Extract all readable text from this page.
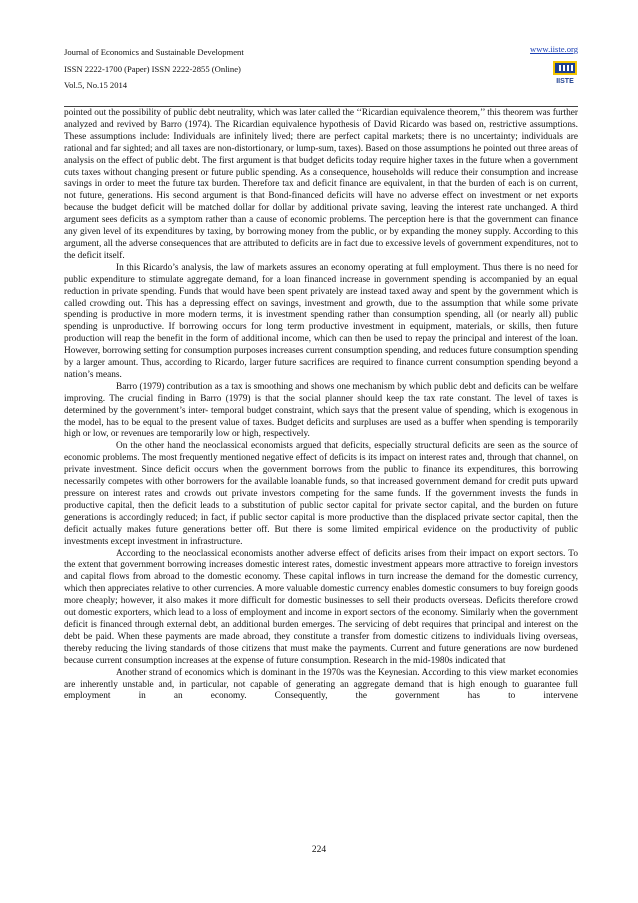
Journal of Economics and Sustainable Development
ISSN 2222-1700 (Paper) ISSN 2222-2855 (Online)
Vol.5, No.15 2014
www.iiste.org
IISTE

pointed out the possibility of public debt neutrality, which was later called the ‘‘Ricardian equivalence theorem,’’ this theorem was further analyzed and revived by Barro (1974). The Ricardian equivalence hypothesis of David Ricardo was based on, restrictive assumptions. These assumptions include: Individuals are infinitely lived; there are perfect capital markets; there is no uncertainty; individuals are rational and far sighted; and all taxes are non-distortionary, or lump-sum, taxes). Based on those assumptions he pointed out three areas of analysis on the effect of public debt. The first argument is that budget deficits today require higher taxes in the future when a government cuts taxes without changing present or future public spending. As a consequence, households will reduce their consumption and increase savings in order to meet the future tax burden. Therefore tax and deficit finance are equivalent, in that the burden of each is on current, not future, generations. His second argument is that Bond-financed deficits will have no adverse effect on investment or net exports because the budget deficit will be matched dollar for dollar by additional private saving, leaving the interest rate unchanged. A third argument sees deficits as a symptom rather than a cause of economic problems. The perception here is that the government can finance any given level of its expenditures by taxing, by borrowing money from the public, or by expanding the money supply. According to this argument, all the adverse consequences that are attributed to deficits are in fact due to excessive levels of government expenditures, not to the deficit itself.

In this Ricardo’s analysis, the law of markets assures an economy operating at full employment. Thus there is no need for public expenditure to stimulate aggregate demand, for a loan financed increase in government spending is accompanied by an equal reduction in private spending. Funds that would have been spent privately are instead taxed away and spent by the government which is called crowding out. This has a depressing effect on savings, investment and growth, due to the assumption that while some private spending is productive in more modern terms, it is investment spending rather than consumption spending, all (or nearly all) public spending is unproductive. If borrowing occurs for long term productive investment in equipment, materials, or skills, then future production will reap the benefit in the form of additional income, which can then be used to repay the principal and interest of the loan. However, borrowing setting for consumption purposes increases current consumption spending, and reduces future consumption spending by a larger amount. Thus, according to Ricardo, larger future sacrifices are required to finance current consumption spending beyond a nation’s means.

Barro (1979) contribution as a tax is smoothing and shows one mechanism by which public debt and deficits can be welfare improving. The crucial finding in Barro (1979) is that the social planner should keep the tax rate constant. The level of taxes is determined by the government’s inter- temporal budget constraint, which says that the present value of spending, which is exogenous in the model, has to be equal to the present value of taxes. Budget deficits and surpluses are used as a buffer when spending is temporarily high or low, or revenues are temporarily low or high, respectively.

On the other hand the neoclassical economists argued that deficits, especially structural deficits are seen as the source of economic problems. The most frequently mentioned negative effect of deficits is its impact on interest rates and, through that channel, on private investment. Since deficit occurs when the government borrows from the public to finance its expenditures, this borrowing necessarily competes with other borrowers for the available loanable funds, so that increased government demand for credit puts upward pressure on interest rates and crowds out private investors competing for the same funds. If the government invests the funds in productive capital, then the deficit leads to a substitution of public sector capital for private sector capital, and the burden on future generations is accordingly reduced; in fact, if public sector capital is more productive than the displaced private sector capital, then the deficit actually makes future generations better off. But there is some limited empirical evidence on the productivity of public investments except investment in infrastructure.

According to the neoclassical economists another adverse effect of deficits arises from their impact on export sectors. To the extent that government borrowing increases domestic interest rates, domestic investment appears more attractive to foreign investors and capital flows from abroad to the domestic economy. These capital inflows in turn increase the demand for the domestic currency, which then appreciates relative to other currencies. A more valuable domestic currency enables domestic consumers to buy foreign goods more cheaply; however, it also makes it more difficult for domestic businesses to sell their products overseas. Deficits therefore crowd out domestic exporters, which lead to a loss of employment and income in export sectors of the economy. Similarly when the government deficit is financed through external debt, an additional burden emerges. The servicing of debt requires that principal and interest on the debt be paid. When these payments are made abroad, they constitute a transfer from domestic citizens to individuals living overseas, thereby reducing the living standards of those citizens that must make the payments. Current and future generations are now burdened because current consumption increases at the expense of future consumption. Research in the mid-1980s indicated that

Another strand of economics which is dominant in the 1970s was the Keynesian. According to this view market economies are inherently unstable and, in particular, not capable of generating an aggregate demand that is high enough to guarantee full employment in an economy. Consequently, the government has to intervene

224
